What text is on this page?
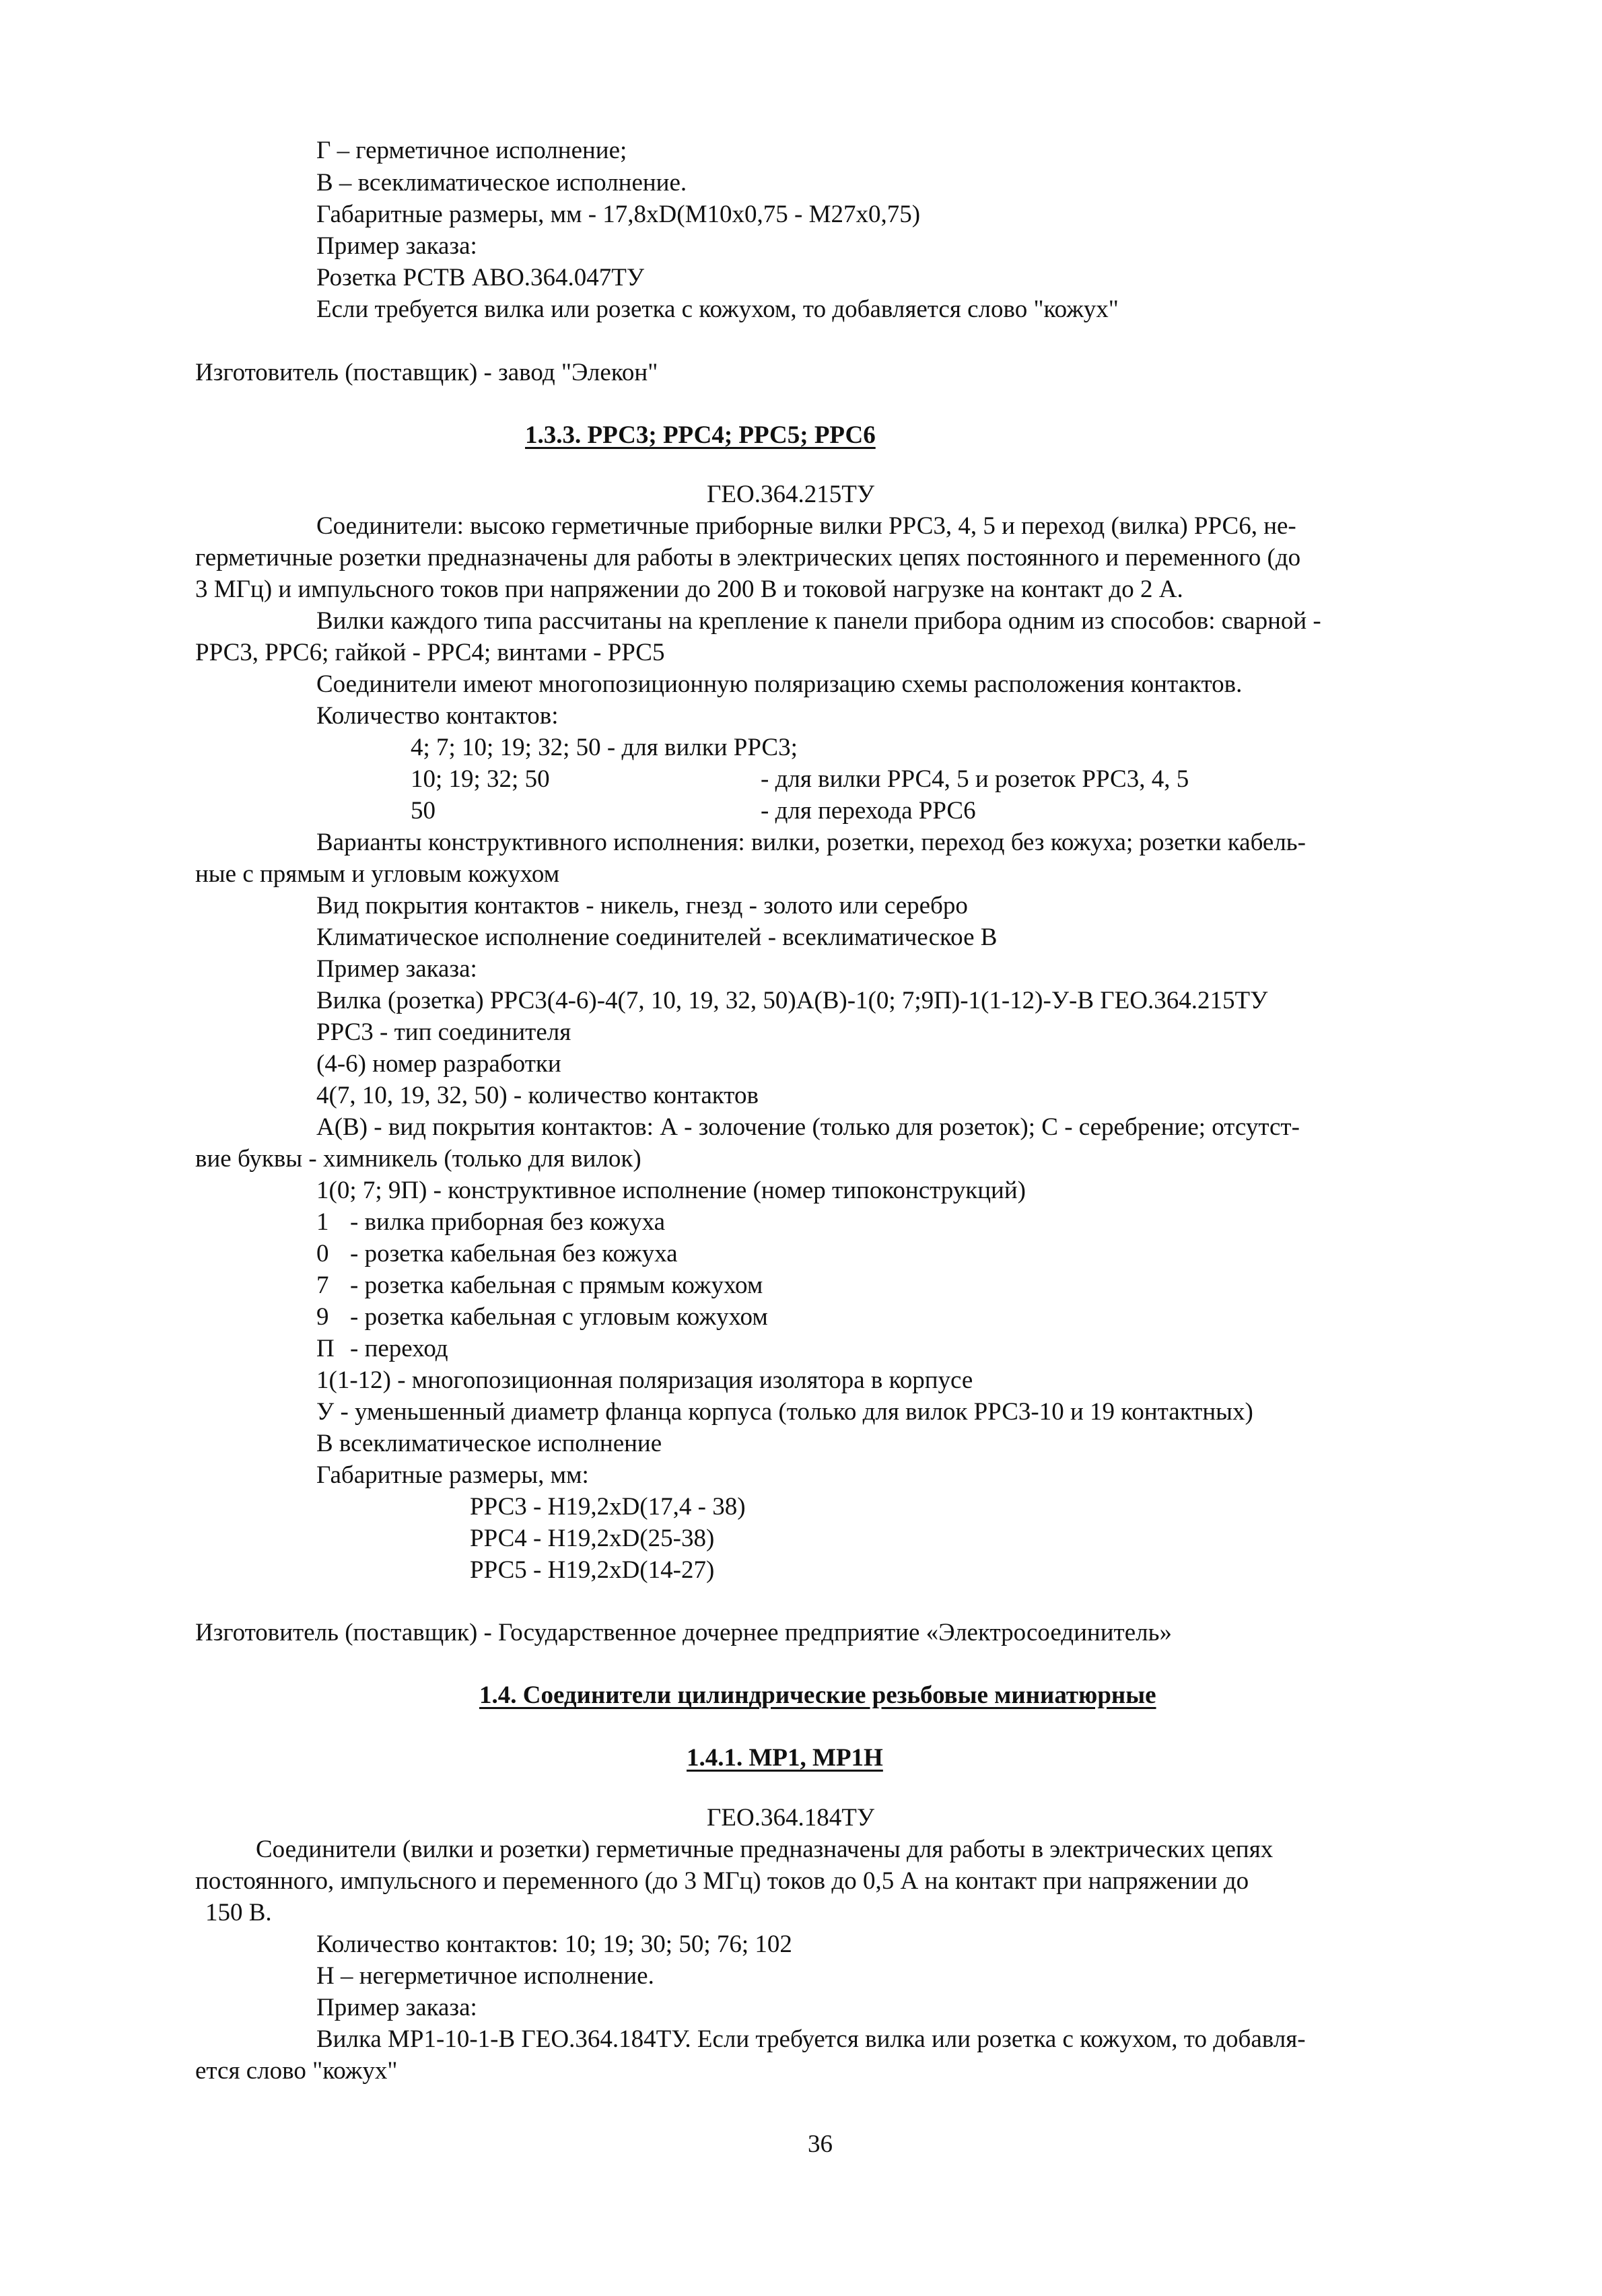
Г – герметичное исполнение;
В – всеклиматическое исполнение.
Габаритные размеры, мм - 17,8хD(M10х0,75 - М27х0,75)
Пример заказа:
Розетка РСТВ АВО.364.047ТУ
Если требуется вилка или розетка с кожухом, то добавляется слово "кожух"
Изготовитель (поставщик) - завод "Элекон"
1.3.3. РРС3; РРС4; РРС5; РРС6
ГЕО.364.215ТУ
Соединители: высоко герметичные приборные вилки РРС3, 4, 5 и переход (вилка) РРС6, не-
герметичные розетки предназначены для работы в электрических цепях постоянного и переменного (до
3 МГц) и импульсного токов при напряжении до 200 В и токовой нагрузке на контакт до 2 А.
Вилки каждого типа рассчитаны на крепление к панели прибора одним из способов: сварной -
РРС3, РРС6; гайкой - РРС4; винтами - РРС5
Соединители имеют многопозиционную поляризацию схемы расположения контактов.
Количество контактов:
4; 7; 10; 19; 32; 50 - для вилки РРС3;
10; 19; 32; 50	- для вилки РРС4, 5 и розеток РРС3, 4, 5
50	- для перехода РРС6
Варианты конструктивного исполнения: вилки, розетки, переход без кожуха; розетки кабель-
ные с прямым и угловым кожухом
Вид покрытия контактов - никель, гнезд - золото или серебро
Климатическое исполнение соединителей - всеклиматическое В
Пример заказа:
Вилка (розетка) РРС3(4-6)-4(7, 10, 19, 32, 50)А(В)-1(0; 7;9П)-1(1-12)-У-В ГЕО.364.215ТУ
РРС3 - тип соединителя
(4-6) номер разработки
4(7, 10, 19, 32, 50) - количество контактов
А(В) - вид покрытия контактов: А - золочение (только для розеток); С - серебрение; отсутст-
вие буквы - химникель (только для вилок)
1(0; 7; 9П) - конструктивное исполнение (номер типоконструкций)
1 - вилка приборная без кожуха
0 - розетка кабельная без кожуха
7 - розетка кабельная с прямым кожухом
9 - розетка кабельная с угловым кожухом
П - переход
1(1-12) - многопозиционная поляризация изолятора в корпусе
У - уменьшенный диаметр фланца корпуса (только для вилок РРС3-10 и 19 контактных)
В всеклиматическое исполнение
Габаритные размеры, мм:
РРС3 - Н19,2хD(17,4 - 38)
РРС4 - Н19,2хD(25-38)
РРС5 - Н19,2хD(14-27)
Изготовитель (поставщик) - Государственное дочернее предприятие «Электросоединитель»
1.4. Соединители цилиндрические резьбовые миниатюрные
1.4.1. МР1, МР1Н
ГЕО.364.184ТУ
Соединители (вилки и розетки) герметичные предназначены для работы в электрических цепях
постоянного, импульсного и переменного (до 3 МГц) токов до 0,5 А на контакт при напряжении до
150 В.
Количество контактов: 10; 19; 30; 50; 76; 102
Н – негерметичное исполнение.
Пример заказа:
Вилка МР1-10-1-В ГЕО.364.184ТУ. Если требуется вилка или розетка с кожухом, то добавля-
ется слово "кожух"
36
